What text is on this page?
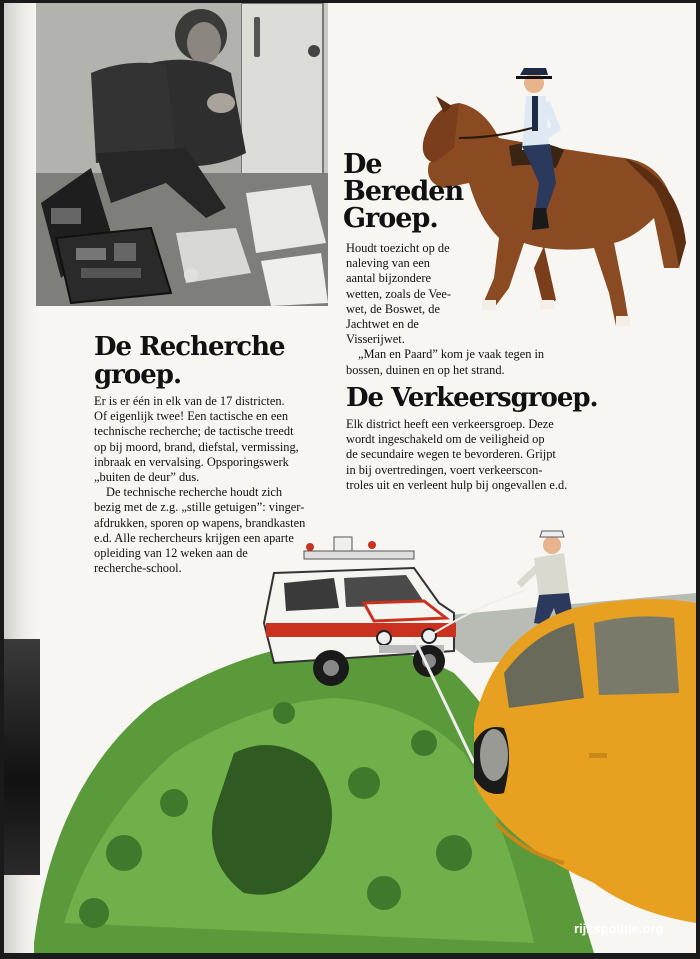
De
Bereden
Groep.

Houdt toezicht op de
naleving van een
aantal bijzondere
wetten, zoals de Vee-
wet, de Boswet, de
Jachtwet en de
Visserijwet.

„Man en Paard” kom je vaak tegen in
bossen, duinen en op het strand.

De Recherche
groep.

Er is er één in elk van de 17 districten.
Of eigenlijk twee! Een tactische en een
technische recherche; de tactische treedt
op bij moord, brand, diefstal, vermissing,
inbraak en vervalsing. Opsporingswerk
„buiten de deur” dus.

De technische recherche houdt zich
bezig met de z.g. „stille getuigen”: vinger-
afdrukken, sporen op wapens, brandkasten
e.d. Alle rechercheurs krijgen een aparte
opleiding van 12 weken aan de
recherche-school.

De Verkeersgroep.

Elk district heeft een verkeersgroep. Deze
wordt ingeschakeld om de veiligheid op
de secundaire wegen te bevorderen. Grijpt
in bij overtredingen, voert verkeerscon-
troles uit en verleent hulp bij ongevallen e.d.

rijkspolitie.org
